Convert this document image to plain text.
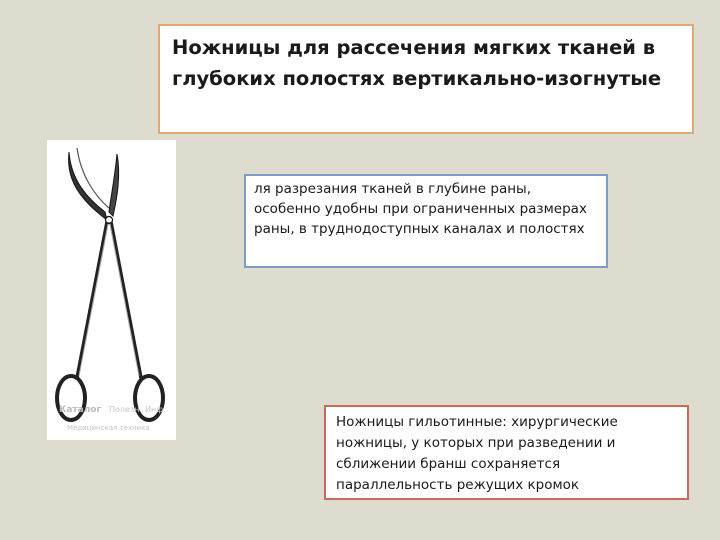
Ножницы для рассечения мягких тканей в глубоких полостях вертикально-изогнутые

Каталог Полезн. Инф.
Медицинская техника

ля разрезания тканей в глубине раны, особенно удобны при ограниченных размерах раны, в труднодоступных каналах и полостях

Ножницы гильотинные: хирургические ножницы, у которых при разведении и сближении бранш сохраняется параллельность режущих кромок
